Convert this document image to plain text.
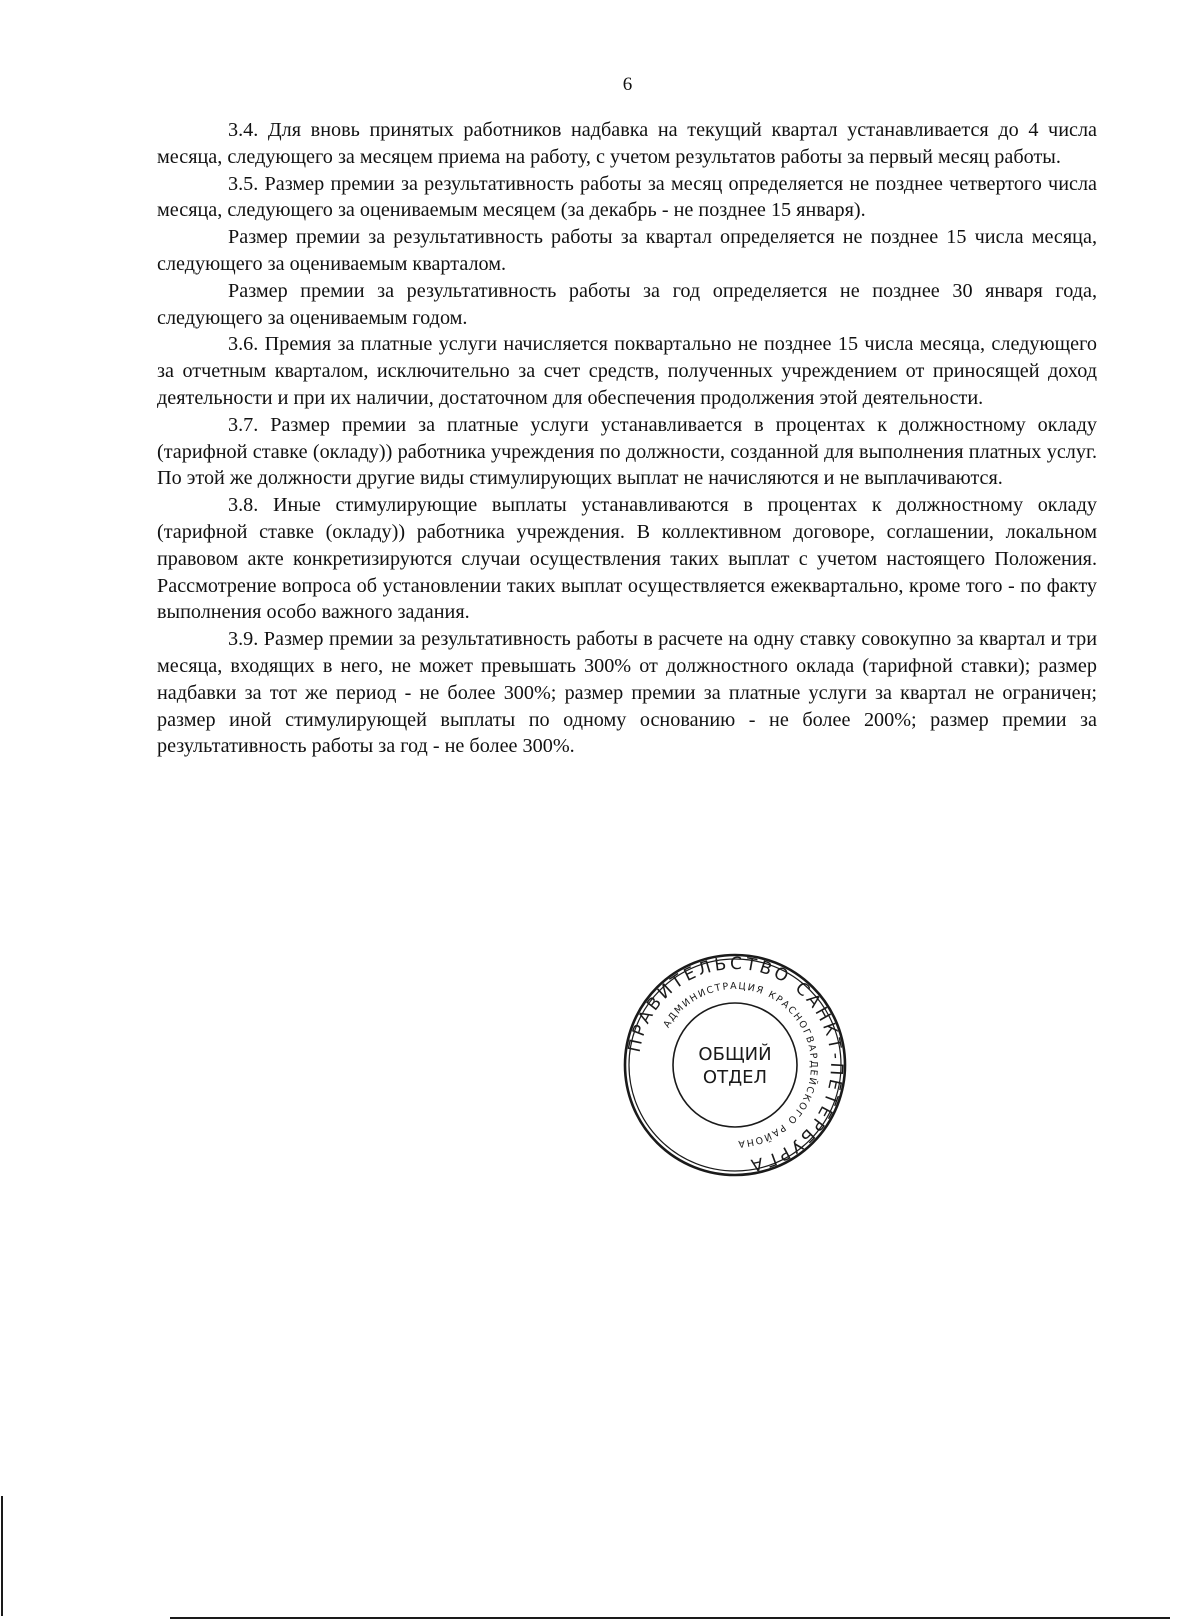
6

3.4. Для вновь принятых работников надбавка на текущий квартал устанавливается до 4 числа месяца, следующего за месяцем приема на работу, с учетом результатов работы за первый месяц работы.

3.5. Размер премии за результативность работы за месяц определяется не позднее четвертого числа месяца, следующего за оцениваемым месяцем (за декабрь - не позднее 15 января).

Размер премии за результативность работы за квартал определяется не позднее 15 числа месяца, следующего за оцениваемым кварталом.

Размер премии за результативность работы за год определяется не позднее 30 января года, следующего за оцениваемым годом.

3.6. Премия за платные услуги начисляется поквартально не позднее 15 числа месяца, следующего за отчетным кварталом, исключительно за счет средств, полученных учреждением от приносящей доход деятельности и при их наличии, достаточном для обеспечения продолжения этой деятельности.

3.7. Размер премии за платные услуги устанавливается в процентах к должностному окладу (тарифной ставке (окладу)) работника учреждения по должности, созданной для выполнения платных услуг. По этой же должности другие виды стимулирующих выплат не начисляются и не выплачиваются.

3.8. Иные стимулирующие выплаты устанавливаются в процентах к должностному окладу (тарифной ставке (окладу)) работника учреждения. В коллективном договоре, соглашении, локальном правовом акте конкретизируются случаи осуществления таких выплат с учетом настоящего Положения. Рассмотрение вопроса об установлении таких выплат осуществляется ежеквартально, кроме того - по факту выполнения особо важного задания.

3.9. Размер премии за результативность работы в расчете на одну ставку совокупно за квартал и три месяца, входящих в него, не может превышать 300% от должностного оклада (тарифной ставки); размер надбавки за тот же период - не более 300%; размер премии за платные услуги за квартал не ограничен; размер иной стимулирующей выплаты по одному основанию - не более 200%; размер премии за результативность работы за год - не более 300%.

ПРАВИТЕЛЬСТВО САНКТ-ПЕТЕРБУРГА
АДМИНИСТРАЦИЯ КРАСНОГВАРДЕЙСКОГО РАЙОНА
ОБЩИЙ
ОТДЕЛ
